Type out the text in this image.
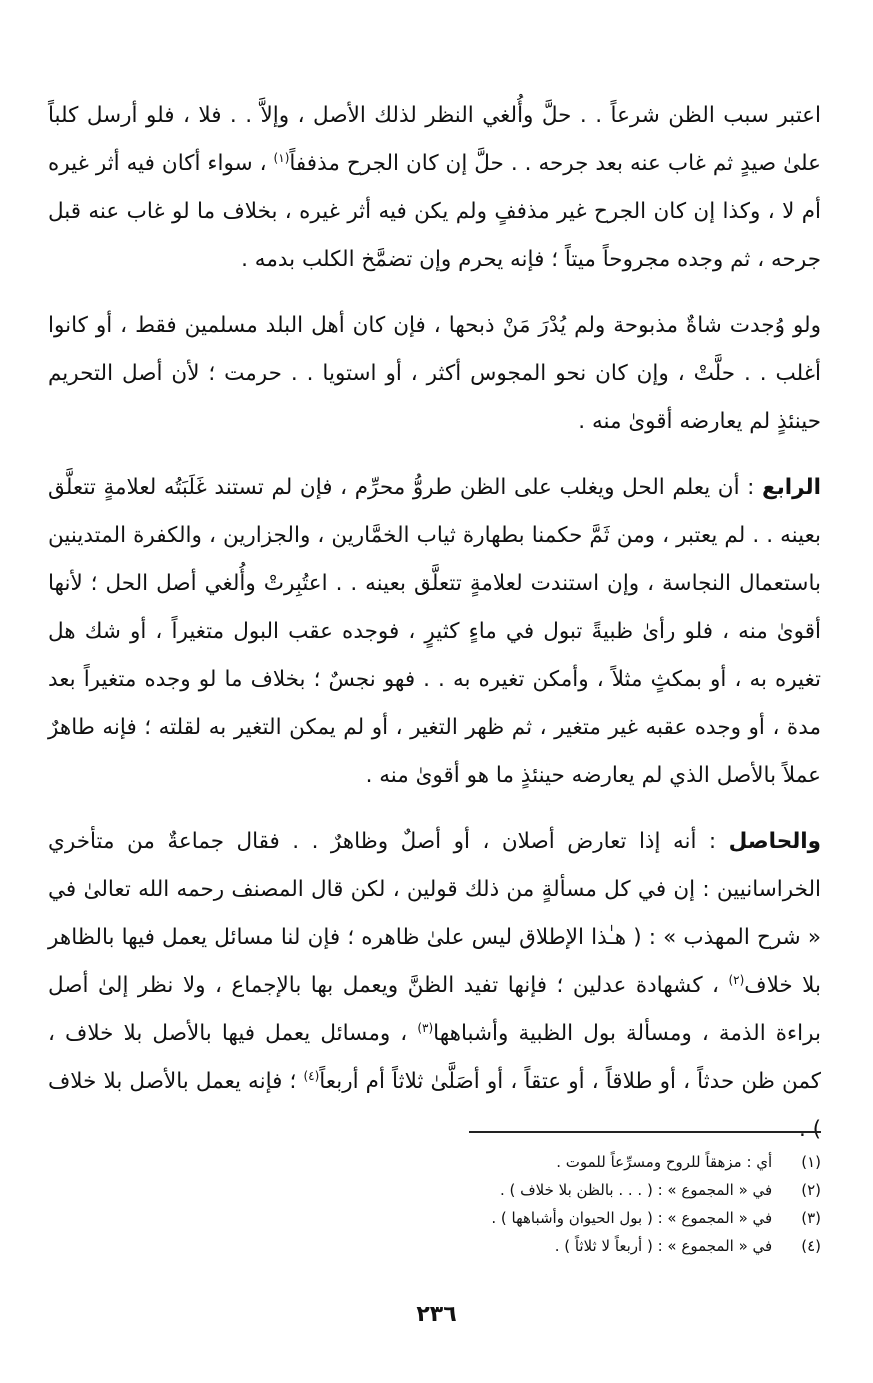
اعتبر سبب الظن شرعاً . . حلَّ وأُلغي النظر لذلك الأصل ، وإلاَّ . . فلا ، فلو أرسل كلباً علىٰ صيدٍ ثم غاب عنه بعد جرحه . . حلَّ إن كان الجرح مذففاً$^{(١)}$ ، سواء أكان فيه أثر غيره أم لا ، وكذا إن كان الجرح غير مذففٍ ولم يكن فيه أثر غيره ، بخلاف ما لو غاب عنه قبل جرحه ، ثم وجده مجروحاً ميتاً ؛ فإنه يحرم وإن تضمَّخ الكلب بدمه .

ولو وُجدت شاةٌ مذبوحة ولم يُدْرَ مَنْ ذبحها ، فإن كان أهل البلد مسلمين فقط ، أو كانوا أغلب . . حلَّتْ ، وإن كان نحو المجوس أكثر ، أو استويا . . حرمت ؛ لأن أصل التحريم حينئذٍ لم يعارضه أقوىٰ منه .

الرابع : أن يعلم الحل ويغلب على الظن طروُّ محرِّم ، فإن لم تستند غَلَبَتُه لعلامةٍ تتعلَّق بعينه . . لم يعتبر ، ومن ثَمَّ حكمنا بطهارة ثياب الخمَّارين ، والجزارين ، والكفرة المتدينين باستعمال النجاسة ، وإن استندت لعلامةٍ تتعلَّق بعينه . . اعتُبِرتْ وأُلغي أصل الحل ؛ لأنها أقوىٰ منه ، فلو رأىٰ ظبيةً تبول في ماءٍ كثيرٍ ، فوجده عقب البول متغيراً ، أو شك هل تغيره به ، أو بمكثٍ مثلاً ، وأمكن تغيره به . . فهو نجسٌ ؛ بخلاف ما لو وجده متغيراً بعد مدة ، أو وجده عقبه غير متغير ، ثم ظهر التغير ، أو لم يمكن التغير به لقلته ؛ فإنه طاهرٌ عملاً بالأصل الذي لم يعارضه حينئذٍ ما هو أقوىٰ منه .

والحاصل : أنه إذا تعارض أصلان ، أو أصلٌ وظاهرٌ . . فقال جماعةٌ من متأخري الخراسانيين : إن في كل مسألةٍ من ذلك قولين ، لكن قال المصنف رحمه الله تعالىٰ في « شرح المهذب » : ( هـٰذا الإطلاق ليس علىٰ ظاهره ؛ فإن لنا مسائل يعمل فيها بالظاهر بلا خلاف$^{(٢)}$ ، كشهادة عدلين ؛ فإنها تفيد الظنَّ ويعمل بها بالإجماع ، ولا نظر إلىٰ أصل براءة الذمة ، ومسألة بول الظبية وأشباهها$^{(٣)}$ ، ومسائل يعمل فيها بالأصل بلا خلاف ، كمن ظن حدثاً ، أو طلاقاً ، أو عتقاً ، أو أصَلَّىٰ ثلاثاً أم أربعاً$^{(٤)}$ ؛ فإنه يعمل بالأصل بلا خلاف ) .

(١) أي : مزهقاً للروح ومسرِّعاً للموت .
(٢) في « المجموع » : ( . . . بالظن بلا خلاف ) .
(٣) في « المجموع » : ( بول الحيوان وأشباهها ) .
(٤) في « المجموع » : ( أربعاً لا ثلاثاً ) .
٢٣٦
